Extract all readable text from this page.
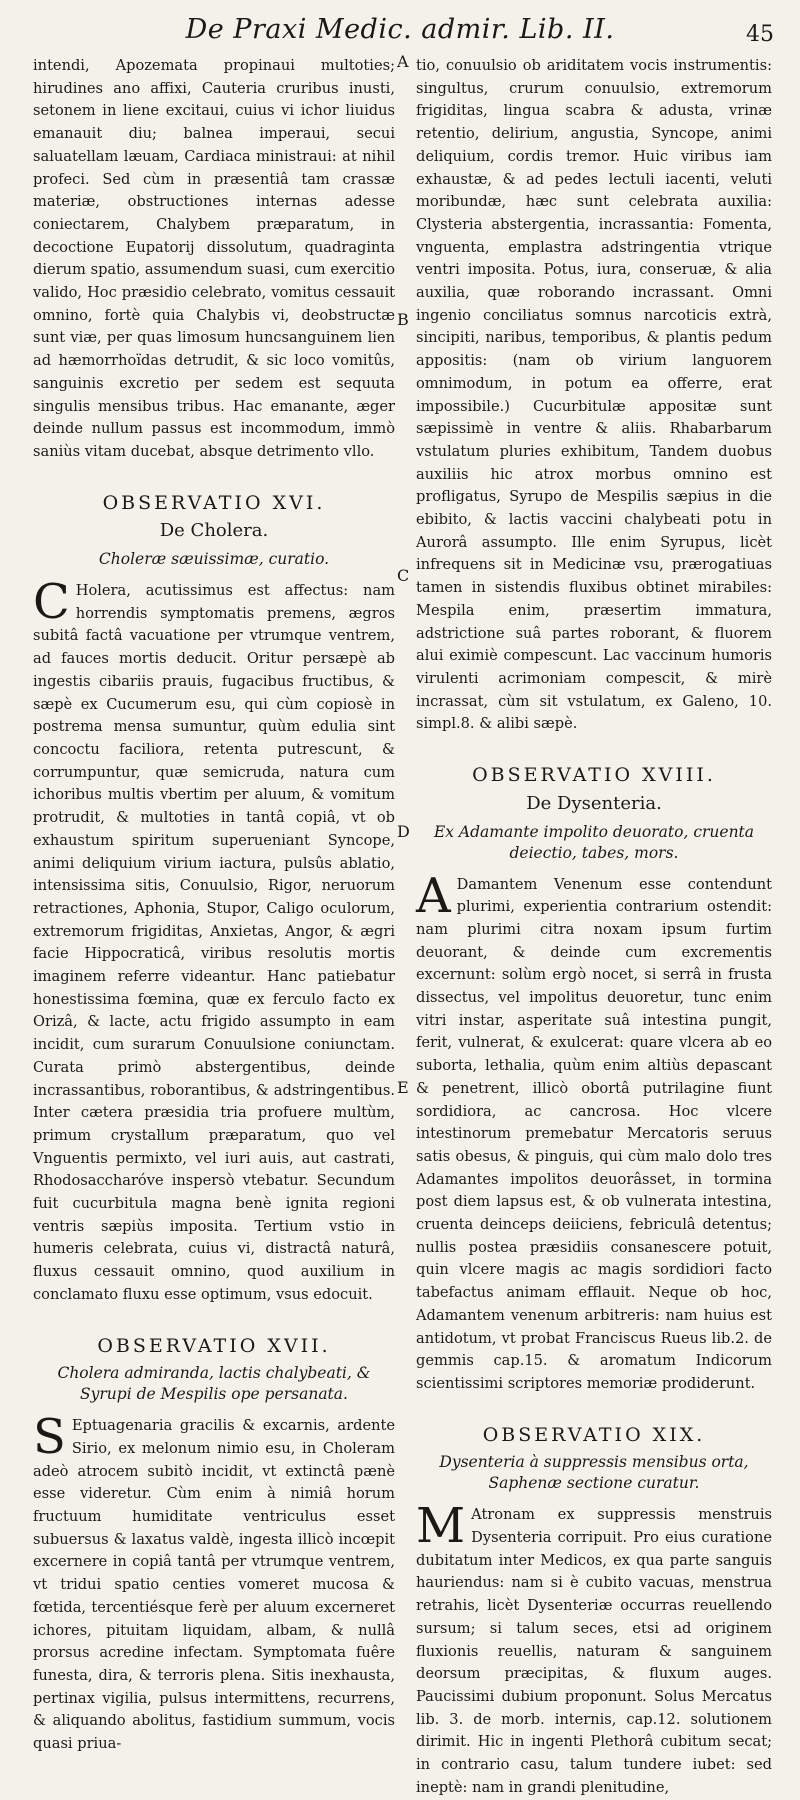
De Praxi Medic. admir. Lib. II.	45
A
B
C
D
E

intendi, Apozemata propinaui multoties; hirudines ano affixi, Cauteria cruribus inusti, setonem in liene excitaui, cuius vi ichor liuidus emanauit diu; balnea imperaui, secui saluatellam læuam, Cardiaca ministraui: at nihil profeci. Sed cùm in præsentiâ tam crassæ materiæ, obstructiones internas adesse coniectarem, Chalybem præparatum, in decoctione Eupatorij dissolutum, quadraginta dierum spatio, assumendum suasi, cum exercitio valido, Hoc præsidio celebrato, vomitus cessauit omnino, fortè quia Chalybis vi, deobstructæ sunt viæ, per quas limosum huncsanguinem lien ad hæmorrhoïdas detrudit, & sic loco vomitûs, sanguinis excretio per sedem est sequuta singulis mensibus tribus. Hac emanante, æger deinde nullum passus est incommodum, immò saniùs vitam ducebat, absque detrimento vllo.

OBSERVATIO XVI.
De Cholera.
Choleræ sæuissimæ, curatio.

C Holera, acutissimus est affectus: nam horrendis symptomatis premens, ægros subitâ factâ vacuatione per vtrumque ventrem, ad fauces mortis deducit. Oritur persæpè ab ingestis cibariis prauis, fugacibus fructibus, & sæpè ex Cucumerum esu, qui cùm copiosè in postrema mensa sumuntur, quùm edulia sint concoctu faciliora, retenta putrescunt, & corrumpuntur, quæ semicruda, natura cum ichoribus multis vbertim per aluum, & vomitum protrudit, & multoties in tantâ copiâ, vt ob exhaustum spiritum superueniant Syncope, animi deliquium virium iactura, pulsûs ablatio, intensissima sitis, Conuulsio, Rigor, neruorum retractiones, Aphonia, Stupor, Caligo oculorum, extremorum frigiditas, Anxietas, Angor, & ægri facie Hippocraticâ, viribus resolutis mortis imaginem referre videantur. Hanc patiebatur honestissima fœmina, quæ ex ferculo facto ex Orizâ, & lacte, actu frigido assumpto in eam incidit, cum surarum Conuulsione coniunctam. Curata primò abstergentibus, deinde incrassantibus, roborantibus, & adstringentibus. Inter cætera præsidia tria profuere multùm, primum crystallum præparatum, quo vel Vnguentis permixto, vel iuri auis, aut castrati, Rhodosaccharóve inspersò vtebatur. Secundum fuit cucurbitula magna benè ignita regioni ventris sæpiùs imposita. Tertium vstio in humeris celebrata, cuius vi, distractâ naturâ, fluxus cessauit omnino, quod auxilium in conclamato fluxu esse optimum, vsus edocuit.

OBSERVATIO XVII.
Cholera admiranda, lactis chalybeati, & Syrupi de Mespilis ope persanata.

S Eptuagenaria gracilis & excarnis, ardente Sirio, ex melonum nimio esu, in Choleram adeò atrocem subitò incidit, vt extinctâ pænè esse videretur. Cùm enim à nimiâ horum fructuum humiditate ventriculus esset subuersus & laxatus valdè, ingesta illicò incœpit excernere in copiâ tantâ per vtrumque ventrem, vt tridui spatio centies vomeret mucosa & fœtida, tercentiésque ferè per aluum excerneret ichores, pituitam liquidam, albam, & nullâ prorsus acredine infectam. Symptomata fuêre funesta, dira, & terroris plena. Sitis inexhausta, pertinax vigilia, pulsus intermittens, recurrens, & aliquando abolitus, fastidium summum, vocis quasi priua-

tio, conuulsio ob ariditatem vocis instrumentis: singultus, crurum conuulsio, extremorum frigiditas, lingua scabra & adusta, vrinæ retentio, delirium, angustia, Syncope, animi deliquium, cordis tremor. Huic viribus iam exhaustæ, & ad pedes lectuli iacenti, veluti moribundæ, hæc sunt celebrata auxilia: Clysteria abstergentia, incrassantia: Fomenta, vnguenta, emplastra adstringentia vtrique ventri imposita. Potus, iura, conseruæ, & alia auxilia, quæ roborando incrassant. Omni ingenio conciliatus somnus narcoticis extrà, sincipiti, naribus, temporibus, & plantis pedum appositis: (nam ob virium languorem omnimodum, in potum ea offerre, erat impossibile.) Cucurbitulæ appositæ sunt sæpissimè in ventre & aliis. Rhabarbarum vstulatum pluries exhibitum, Tandem duobus auxiliis hic atrox morbus omnino est profligatus, Syrupo de Mespilis sæpius in die ebibito, & lactis vaccini chalybeati potu in Aurorâ assumpto. Ille enim Syrupus, licèt infrequens sit in Medicinæ vsu, prærogatiuas tamen in sistendis fluxibus obtinet mirabiles: Mespila enim, præsertim immatura, adstrictione suâ partes roborant, & fluorem alui eximiè compescunt. Lac vaccinum humoris virulenti acrimoniam compescit, & mirè incrassat, cùm sit vstulatum, ex Galeno, 10. simpl.8. & alibi sæpè.

OBSERVATIO XVIII.
De Dysenteria.
Ex Adamante impolito deuorato, cruenta deiectio, tabes, mors.

A Damantem Venenum esse contendunt plurimi, experientia contrarium ostendit: nam plurimi citra noxam ipsum furtim deuorant, & deinde cum excrementis excernunt: solùm ergò nocet, si serrâ in frusta dissectus, vel impolitus deuoretur, tunc enim vitri instar, asperitate suâ intestina pungit, ferit, vulnerat, & exulcerat: quare vlcera ab eo suborta, lethalia, quùm enim altiùs depascant & penetrent, illicò obortâ putrilagine fiunt sordidiora, ac cancrosa. Hoc vlcere intestinorum premebatur Mercatoris seruus satis obesus, & pinguis, qui cùm malo dolo tres Adamantes impolitos deuorâsset, in tormina post diem lapsus est, & ob vulnerata intestina, cruenta deinceps deiiciens, febriculâ detentus; nullis postea præsidiis consanescere potuit, quin vlcere magis ac magis sordidiori facto tabefactus animam efflauit. Neque ob hoc, Adamantem venenum arbitreris: nam huius est antidotum, vt probat Franciscus Rueus lib.2. de gemmis cap.15. & aromatum Indicorum scientissimi scriptores memoriæ prodiderunt.

OBSERVATIO XIX.
Dysenteria à suppressis mensibus orta, Saphenæ sectione curatur.

M Atronam ex suppressis menstruis Dysenteria corripuit. Pro eius curatione dubitatum inter Medicos, ex qua parte sanguis hauriendus: nam si è cubito vacuas, menstrua retrahis, licèt Dysenteriæ occurras reuellendo sursum; si talum seces, etsi ad originem fluxionis reuellis, naturam & sanguinem deorsum præcipitas, & fluxum auges. Paucissimi dubium proponunt. Solus Mercatus lib. 3. de morb. internis, cap.12. solutionem dirimit. Hic in ingenti Plethorâ cubitum secat; in contrario casu, talum tundere iubet: sed ineptè: nam in grandi plenitudine,
